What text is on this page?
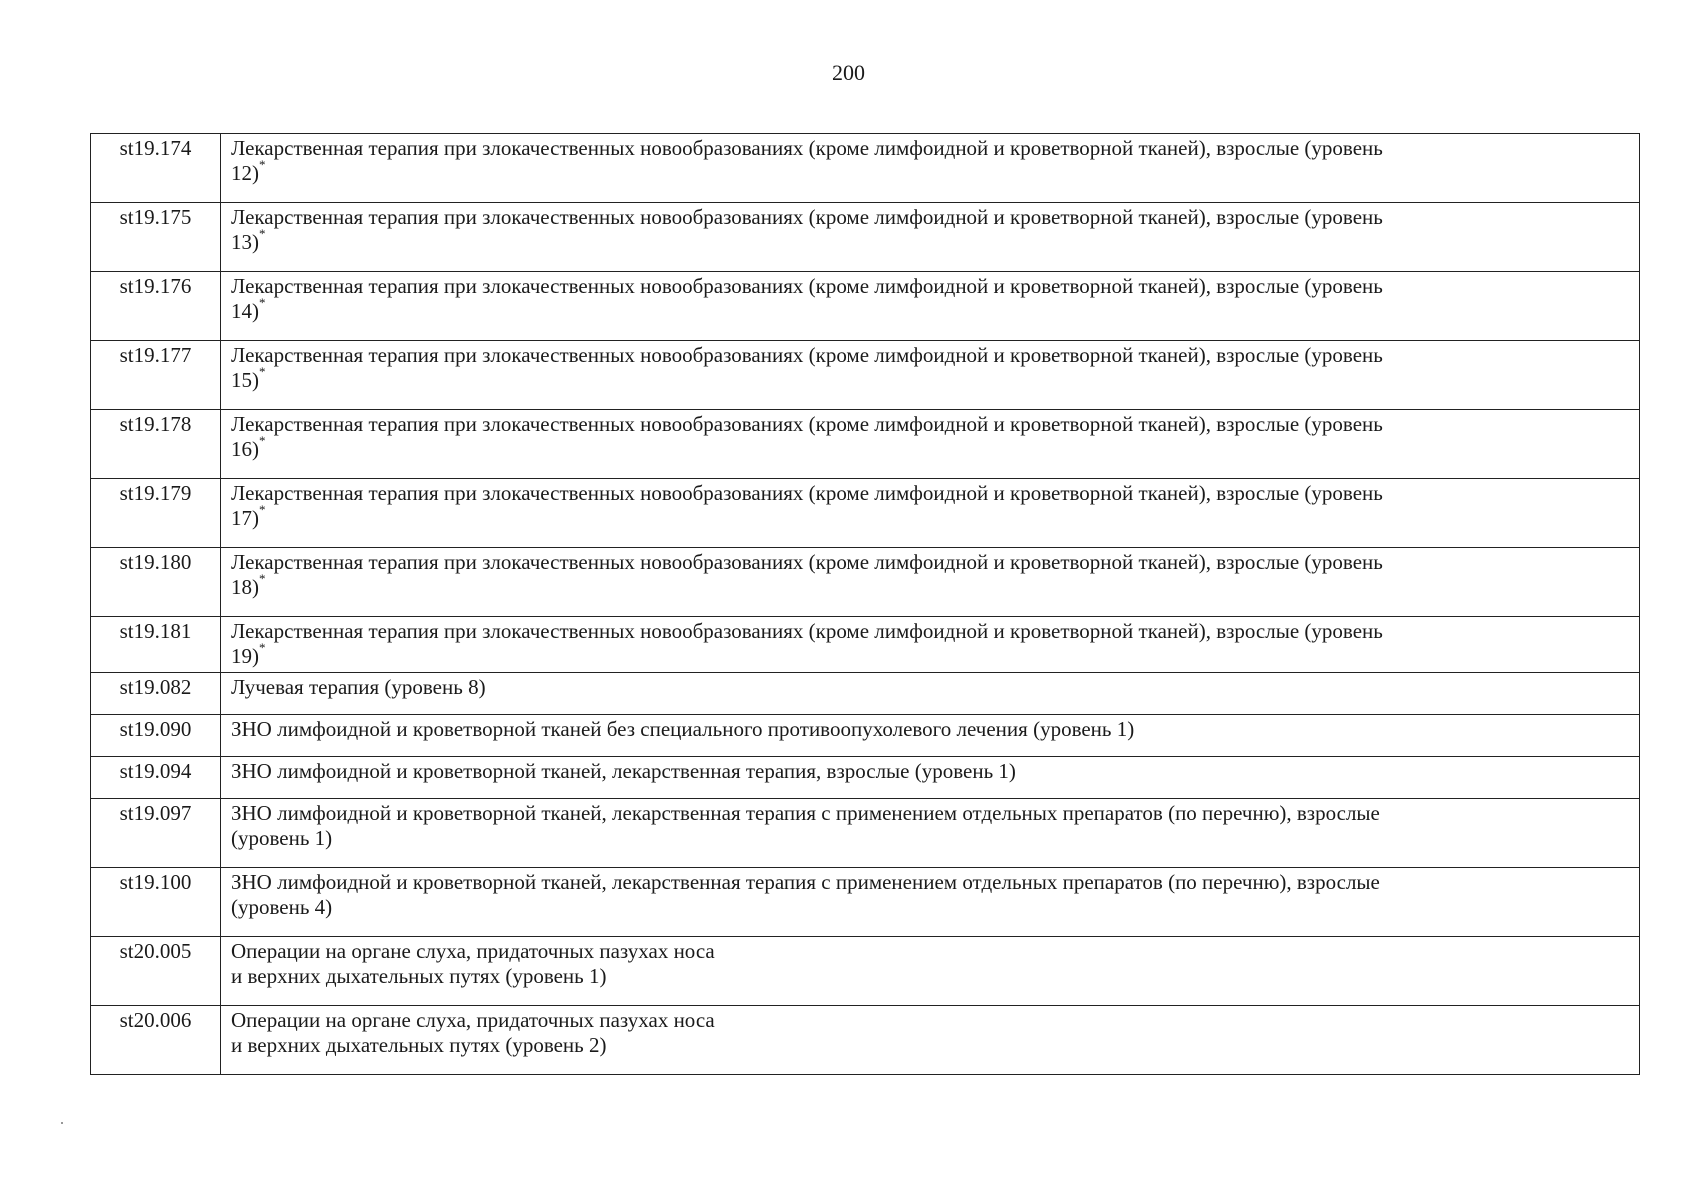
200
st19.174	Лекарственная терапия при злокачественных новообразованиях (кроме лимфоидной и кроветворной тканей), взрослые (уровень
12)*

st19.175	Лекарственная терапия при злокачественных новообразованиях (кроме лимфоидной и кроветворной тканей), взрослые (уровень
13)*

st19.176	Лекарственная терапия при злокачественных новообразованиях (кроме лимфоидной и кроветворной тканей), взрослые (уровень
14)*

st19.177	Лекарственная терапия при злокачественных новообразованиях (кроме лимфоидной и кроветворной тканей), взрослые (уровень
15)*

st19.178	Лекарственная терапия при злокачественных новообразованиях (кроме лимфоидной и кроветворной тканей), взрослые (уровень
16)*

st19.179	Лекарственная терапия при злокачественных новообразованиях (кроме лимфоидной и кроветворной тканей), взрослые (уровень
17)*

st19.180	Лекарственная терапия при злокачественных новообразованиях (кроме лимфоидной и кроветворной тканей), взрослые (уровень
18)*

st19.181	Лекарственная терапия при злокачественных новообразованиях (кроме лимфоидной и кроветворной тканей), взрослые (уровень
19)*

st19.082	Лучевая терапия (уровень 8)

st19.090	ЗНО лимфоидной и кроветворной тканей без специального противоопухолевого лечения (уровень 1)

st19.094	ЗНО лимфоидной и кроветворной тканей, лекарственная терапия, взрослые (уровень 1)

st19.097	ЗНО лимфоидной и кроветворной тканей, лекарственная терапия с применением отдельных препаратов (по перечню), взрослые
(уровень 1)

st19.100	ЗНО лимфоидной и кроветворной тканей, лекарственная терапия с применением отдельных препаратов (по перечню), взрослые
(уровень 4)

st20.005	Операции на органе слуха, придаточных пазухах носа
и верхних дыхательных путях (уровень 1)

st20.006	Операции на органе слуха, придаточных пазухах носа
и верхних дыхательных путях (уровень 2)
